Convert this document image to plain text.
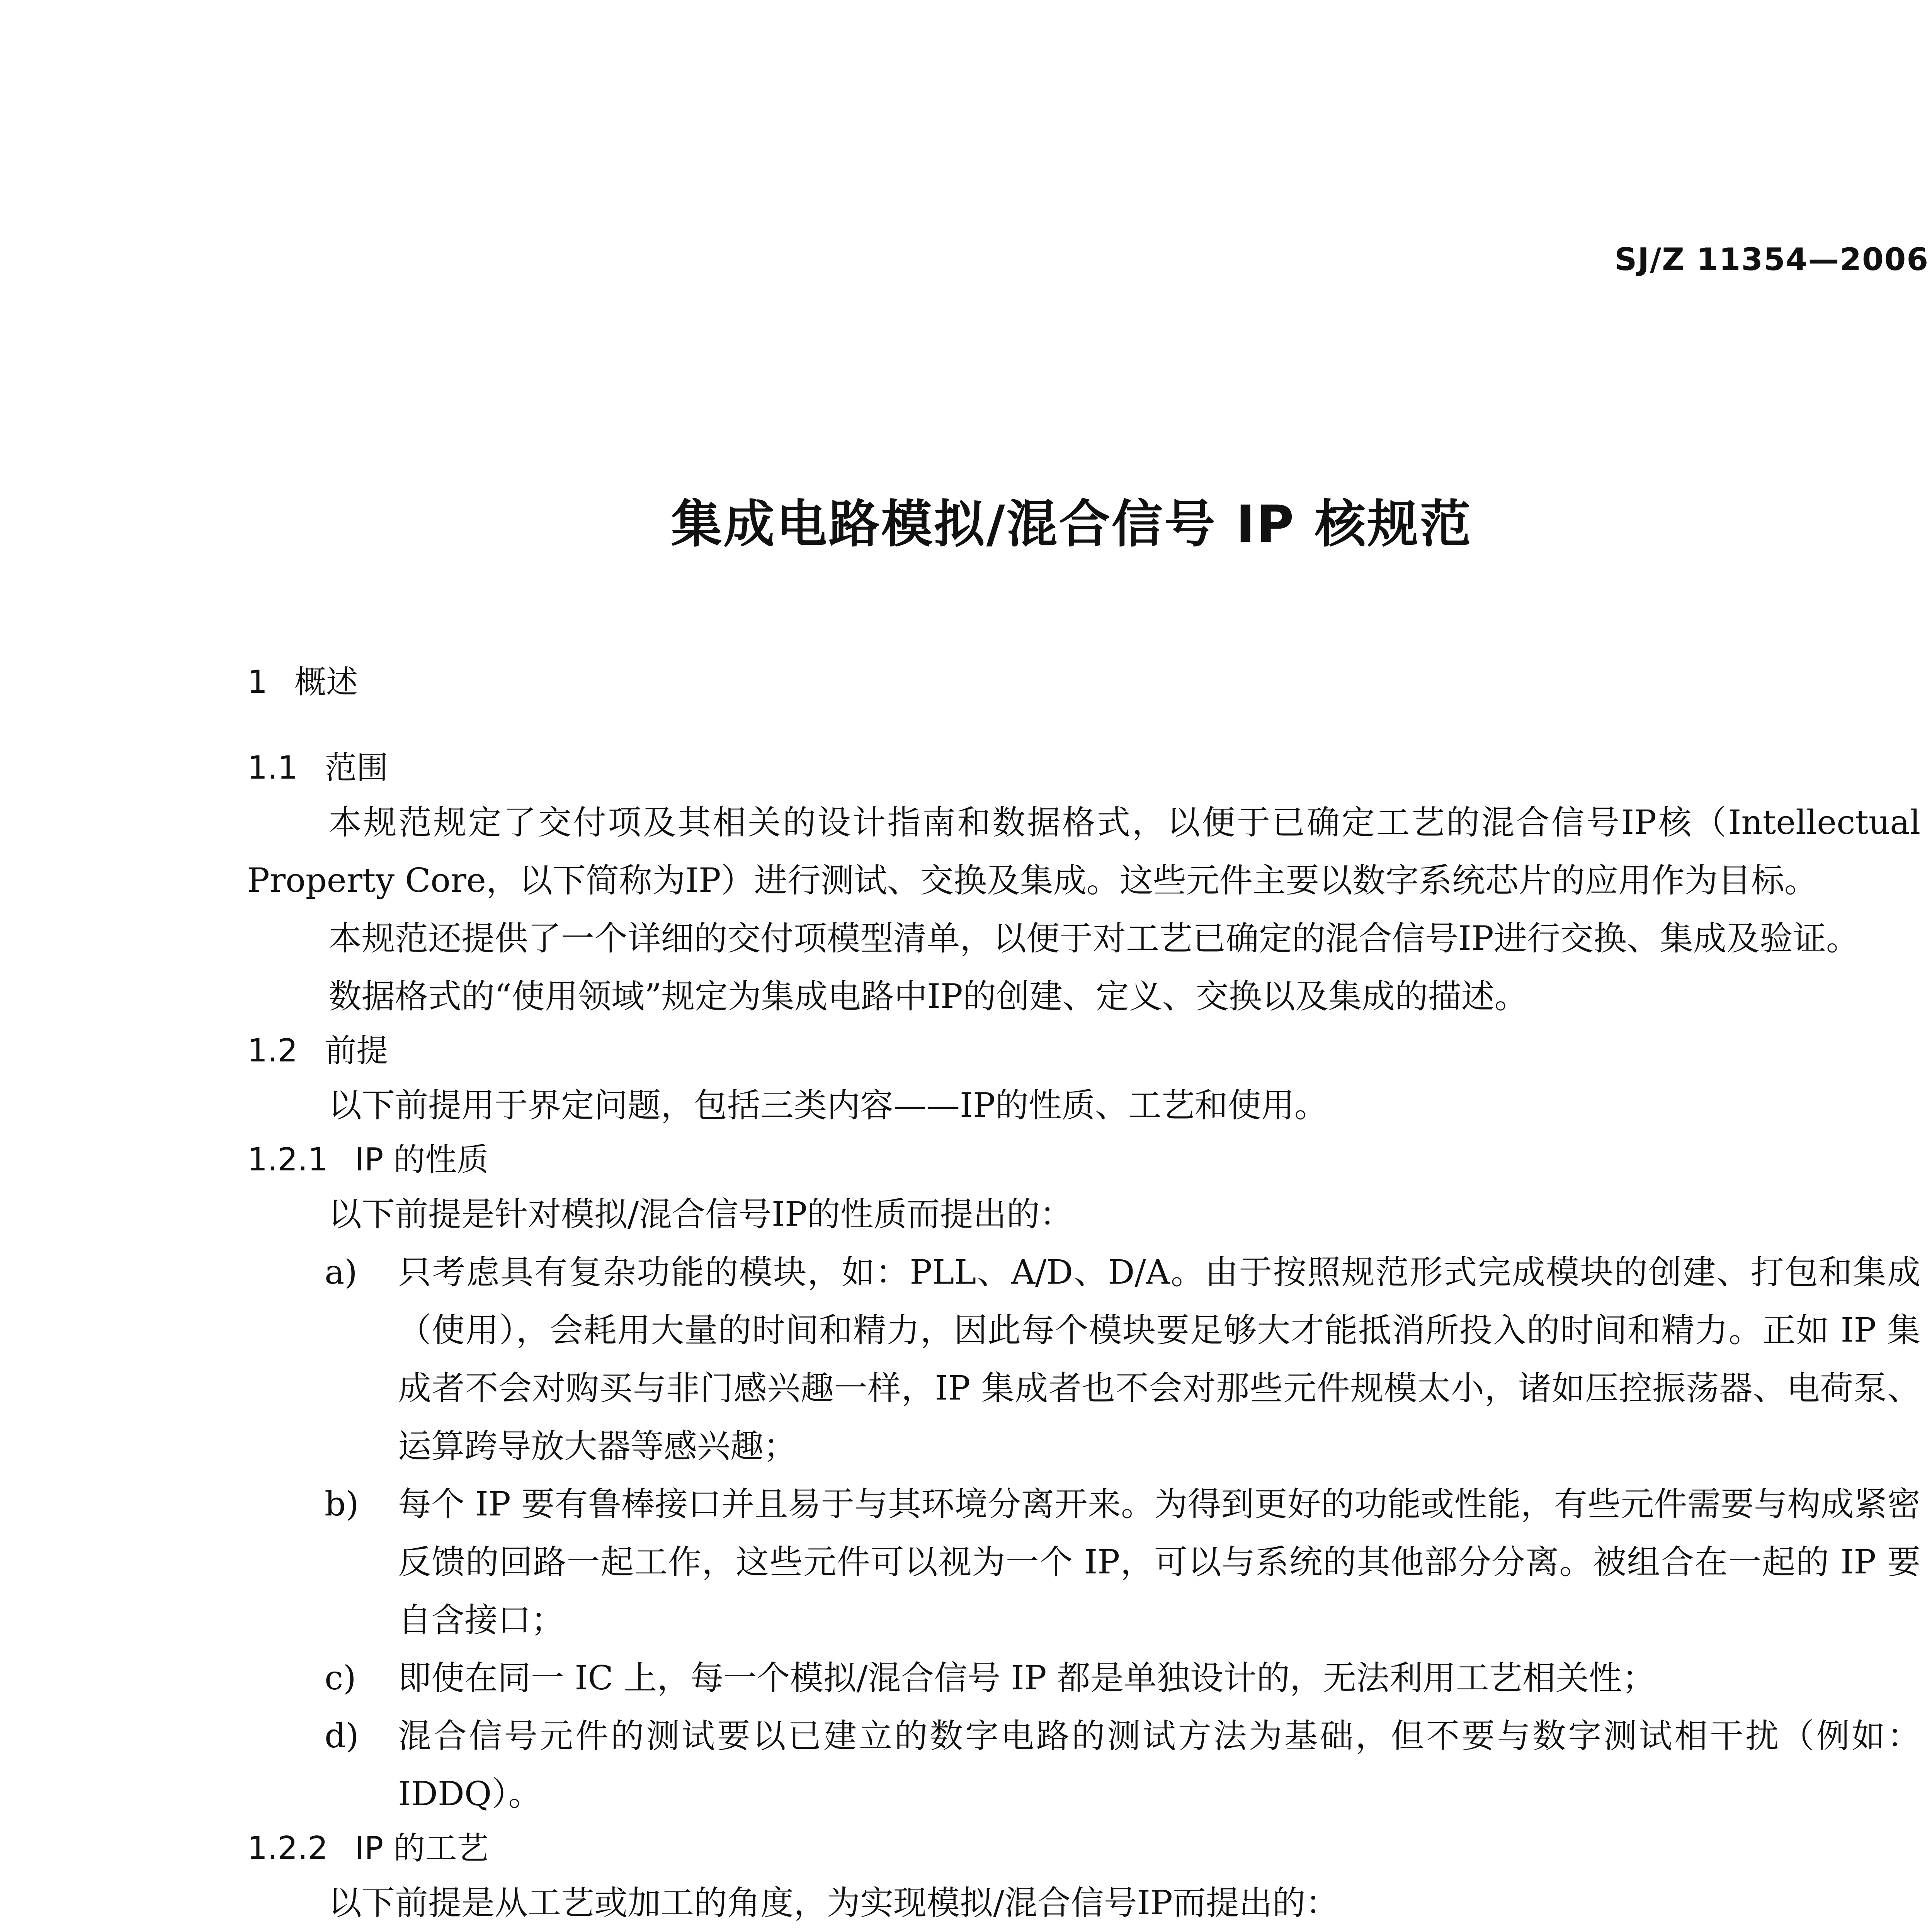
SJ/Z 11354—2006
集成电路模拟/混合信号 IP 核规范
1 概述
1.1 范围

本规范规定了交付项及其相关的设计指南和数据格式，以便于已确定工艺的混合信号IP核（Intellectual Property Core，以下简称为IP）进行测试、交换及集成。这些元件主要以数字系统芯片的应用作为目标。

本规范还提供了一个详细的交付项模型清单，以便于对工艺已确定的混合信号IP进行交换、集成及验证。

数据格式的“使用领域”规定为集成电路中IP的创建、定义、交换以及集成的描述。

1.2 前提

以下前提用于界定问题，包括三类内容——IP的性质、工艺和使用。

1.2.1 IP 的性质

以下前提是针对模拟/混合信号IP的性质而提出的：

a) 只考虑具有复杂功能的模块，如：PLL、A/D、D/A。由于按照规范形式完成模块的创建、打包和集成（使用），会耗用大量的时间和精力，因此每个模块要足够大才能抵消所投入的时间和精力。正如 IP 集成者不会对购买与非门感兴趣一样，IP 集成者也不会对那些元件规模太小，诸如压控振荡器、电荷泵、运算跨导放大器等感兴趣；
b) 每个 IP 要有鲁棒接口并且易于与其环境分离开来。为得到更好的功能或性能，有些元件需要与构成紧密反馈的回路一起工作，这些元件可以视为一个 IP，可以与系统的其他部分分离。被组合在一起的 IP 要自含接口；
c) 即使在同一 IC 上，每一个模拟/混合信号 IP 都是单独设计的，无法利用工艺相关性；
d) 混合信号元件的测试要以已建立的数字电路的测试方法为基础，但不要与数字测试相干扰（例如：IDDQ）。
1.2.2 IP 的工艺

以下前提是从工艺或加工的角度，为实现模拟/混合信号IP而提出的：
